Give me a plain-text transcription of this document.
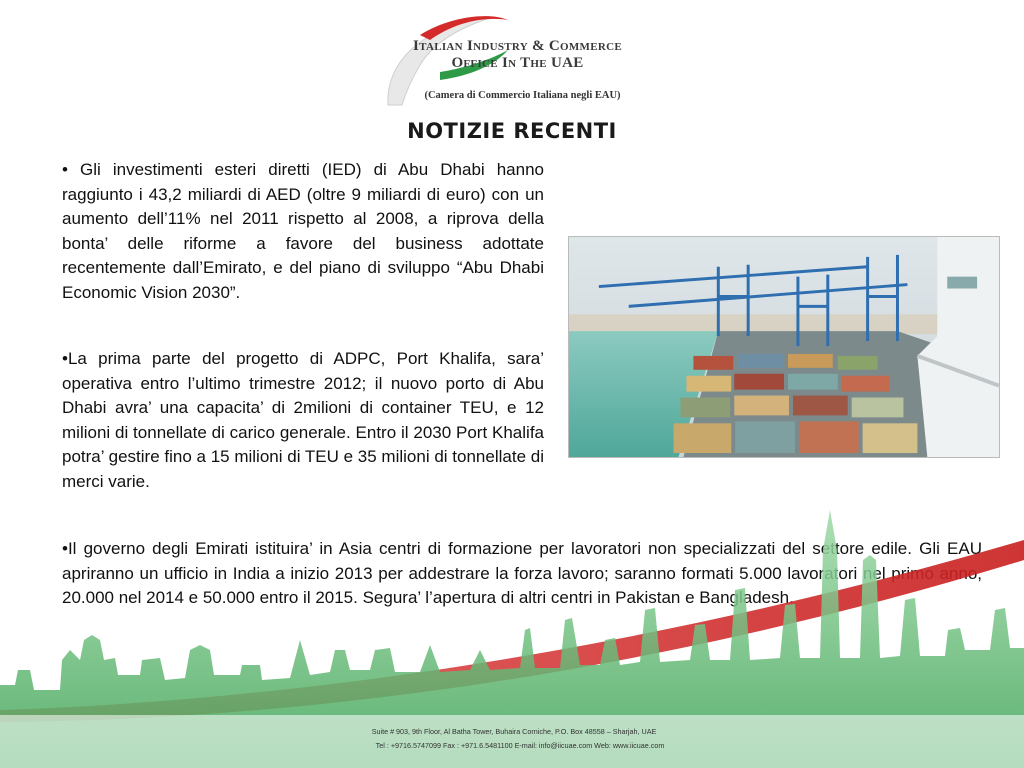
Italian Industry & Commerce
Office In The UAE
(Camera di Commercio Italiana negli EAU)
NOTIZIE RECENTI

• Gli investimenti esteri diretti (IED) di Abu Dhabi hanno raggiunto i 43,2 miliardi di AED (oltre 9 miliardi di euro) con un aumento dell’11% nel 2011 rispetto al 2008, a riprova della bonta’ delle riforme a favore del business adottate recentemente dall’Emirato, e del piano di sviluppo “Abu Dhabi Economic Vision 2030”.

•La prima parte del progetto di ADPC, Port Khalifa, sara’ operativa entro l’ultimo trimestre 2012; il nuovo porto di Abu Dhabi avra’ una capacita’ di 2milioni di container TEU, e 12 milioni di tonnellate di carico generale. Entro il 2030 Port Khalifa potra’ gestire fino a 15 milioni di TEU e 35 milioni di tonnellate di merci varie.

•Il governo degli Emirati istituira’ in Asia centri di formazione per lavoratori non specializzati del settore edile. Gli EAU apriranno un ufficio in India a inizio 2013 per addestrare la forza lavoro; saranno formati 5.000 lavoratori nel primo anno, 20.000 nel 2014 e 50.000 entro il 2015. Segura’ l’apertura di altri centri in Pakistan e Bangladesh.

Suite # 903, 9th Floor, Al Batha Tower, Buhaira Corniche, P.O. Box 48558 – Sharjah, UAE
Tel : +9716.5747099 Fax : +971.6.5481100 E-mail: info@iicuae.com Web: www.iicuae.com
